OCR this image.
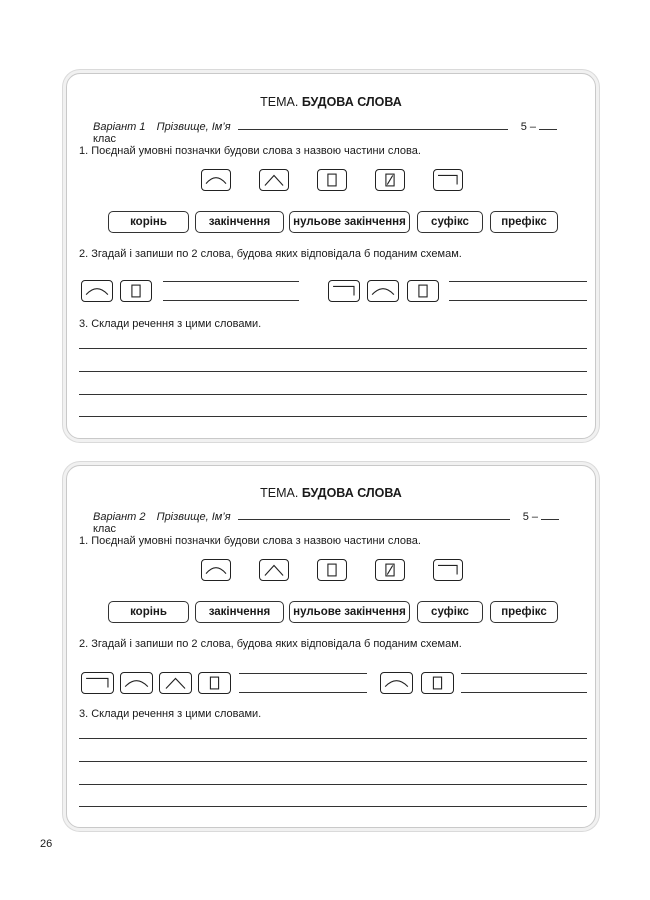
ТЕМА. БУДОВА СЛОВА
Варіант 1 Прізвище, Ім’я	5 –  клас
1. Поєднай умовні позначки будови слова з назвою частини слова.
корінь	закінчення	нульове закінчення	суфікс	префікс
2. Згадай і запиши по 2 слова, будова яких відповідала б поданим схемам.
3. Склади речення з цими словами.
ТЕМА. БУДОВА СЛОВА
Варіант 2 Прізвище, Ім’я	5 –  клас
1. Поєднай умовні позначки будови слова з назвою частини слова.
корінь	закінчення	нульове закінчення	суфікс	префікс
2. Згадай і запиши по 2 слова, будова яких відповідала б поданим схемам.
3. Склади речення з цими словами.
26
